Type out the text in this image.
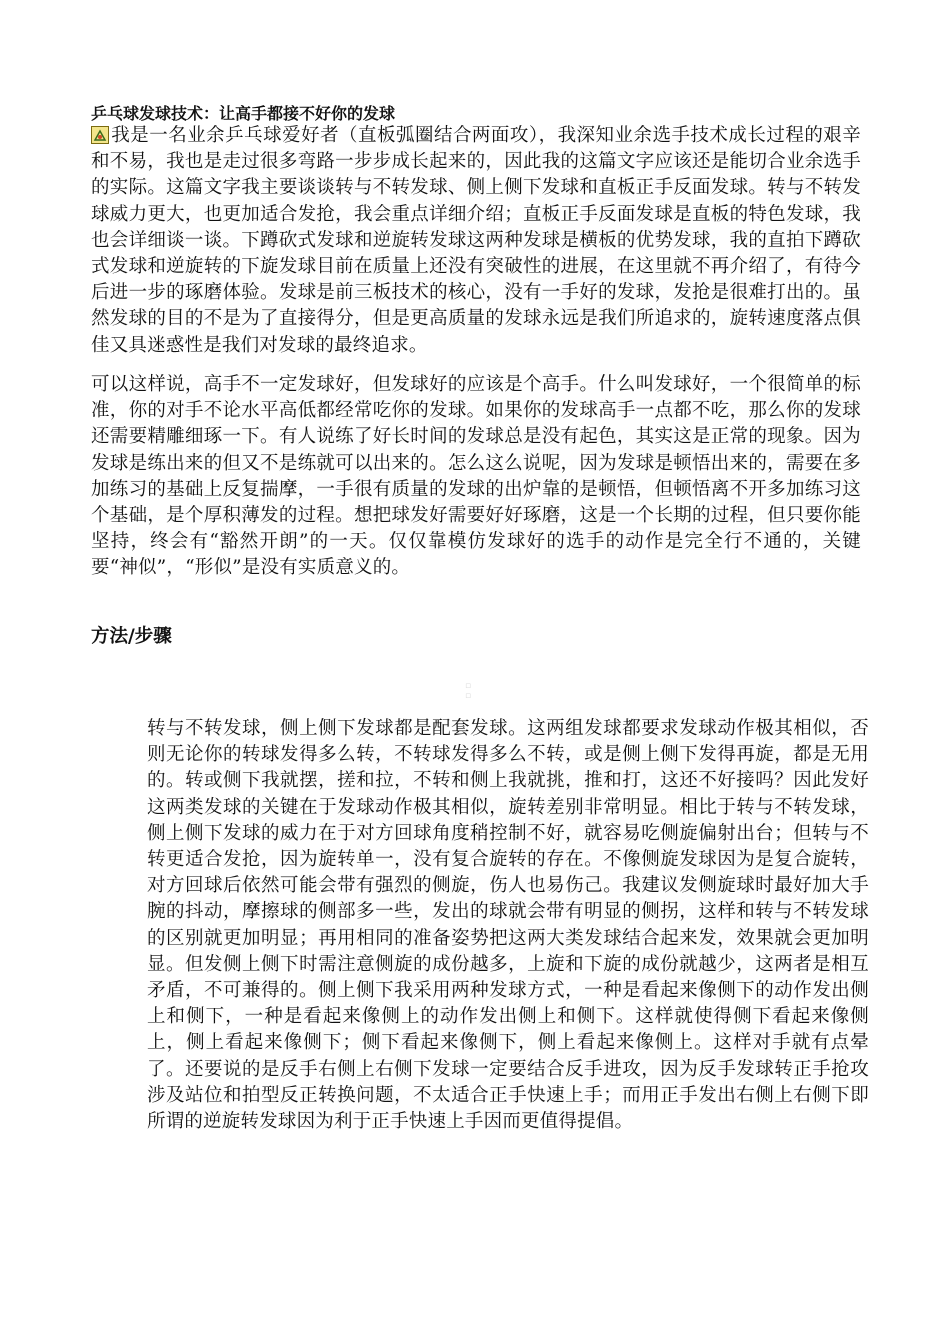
乒乓球发球技术：让高手都接不好你的发球
我是一名业余乒乓球爱好者（直板弧圈结合两面攻），我深知业余选手技术成长过程的艰辛和不易，我也是走过很多弯路一步步成长起来的，因此我的这篇文字应该还是能切合业余选手的实际。这篇文字我主要谈谈转与不转发球、侧上侧下发球和直板正手反面发球。转与不转发球威力更大，也更加适合发抢，我会重点详细介绍；直板正手反面发球是直板的特色发球，我也会详细谈一谈。下蹲砍式发球和逆旋转发球这两种发球是横板的优势发球，我的直拍下蹲砍式发球和逆旋转的下旋发球目前在质量上还没有突破性的进展，在这里就不再介绍了，有待今后进一步的琢磨体验。发球是前三板技术的核心，没有一手好的发球，发抢是很难打出的。虽然发球的目的不是为了直接得分，但是更高质量的发球永远是我们所追求的，旋转速度落点俱佳又具迷惑性是我们对发球的最终追求。
可以这样说，高手不一定发球好，但发球好的应该是个高手。什么叫发球好，一个很简单的标准，你的对手不论水平高低都经常吃你的发球。如果你的发球高手一点都不吃，那么你的发球还需要精雕细琢一下。有人说练了好长时间的发球总是没有起色，其实这是正常的现象。因为发球是练出来的但又不是练就可以出来的。怎么这么说呢，因为发球是顿悟出来的，需要在多加练习的基础上反复揣摩，一手很有质量的发球的出炉靠的是顿悟，但顿悟离不开多加练习这个基础，是个厚积薄发的过程。想把球发好需要好好琢磨，这是一个长期的过程，但只要你能坚持，终会有“豁然开朗”的一天。仅仅靠模仿发球好的选手的动作是完全行不通的，关键要“神似”，“形似”是没有实质意义的。
方法/步骤
▫ ▫
转与不转发球，侧上侧下发球都是配套发球。这两组发球都要求发球动作极其相似，否则无论你的转球发得多么转，不转球发得多么不转，或是侧上侧下发得再旋，都是无用的。转或侧下我就摆，搓和拉，不转和侧上我就挑，推和打，这还不好接吗？因此发好这两类发球的关键在于发球动作极其相似，旋转差别非常明显。相比于转与不转发球，侧上侧下发球的威力在于对方回球角度稍控制不好，就容易吃侧旋偏射出台；但转与不转更适合发抢，因为旋转单一，没有复合旋转的存在。不像侧旋发球因为是复合旋转，对方回球后依然可能会带有强烈的侧旋，伤人也易伤己。我建议发侧旋球时最好加大手腕的抖动，摩擦球的侧部多一些，发出的球就会带有明显的侧拐，这样和转与不转发球的区别就更加明显；再用相同的准备姿势把这两大类发球结合起来发，效果就会更加明显。但发侧上侧下时需注意侧旋的成份越多，上旋和下旋的成份就越少，这两者是相互矛盾，不可兼得的。侧上侧下我采用两种发球方式，一种是看起来像侧下的动作发出侧上和侧下，一种是看起来像侧上的动作发出侧上和侧下。这样就使得侧下看起来像侧上，侧上看起来像侧下；侧下看起来像侧下，侧上看起来像侧上。这样对手就有点晕了。还要说的是反手右侧上右侧下发球一定要结合反手进攻，因为反手发球转正手抢攻涉及站位和拍型反正转换问题，不太适合正手快速上手；而用正手发出右侧上右侧下即所谓的逆旋转发球因为利于正手快速上手因而更值得提倡。
